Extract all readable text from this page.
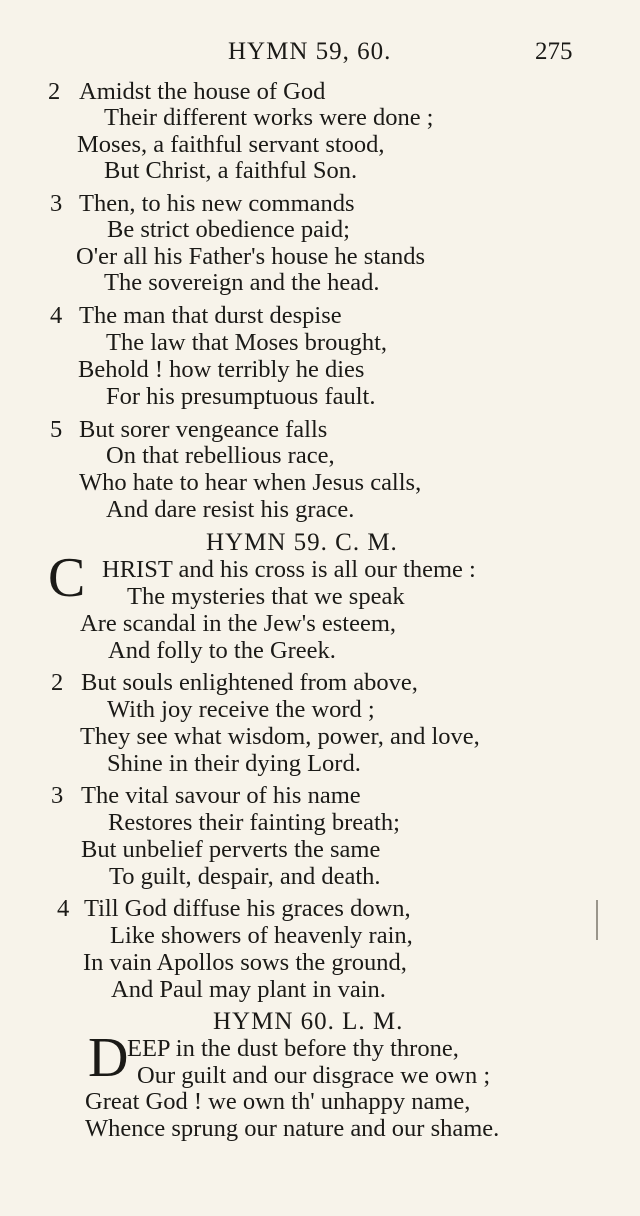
HYMN 59, 60.	275
2 Amidst the house of God
Their different works were done ;
Moses, a faithful servant stood,
But Christ, a faithful Son.
3 Then, to his new commands
Be strict obedience paid;
O'er all his Father's house he stands
The sovereign and the head.
4 The man that durst despise
The law that Moses brought,
Behold ! how terribly he dies
For his presumptuous fault.
5 But sorer vengeance falls
On that rebellious race,
Who hate to hear when Jesus calls,
And dare resist his grace.
HYMN 59. C. M.
C HRIST and his cross is all our theme :
The mysteries that we speak
Are scandal in the Jew's esteem,
And folly to the Greek.
2 But souls enlightened from above,
With joy receive the word ;
They see what wisdom, power, and love,
Shine in their dying Lord.
3 The vital savour of his name
Restores their fainting breath;
But unbelief perverts the same
To guilt, despair, and death.
4 Till God diffuse his graces down,
Like showers of heavenly rain,
In vain Apollos sows the ground,
And Paul may plant in vain.
HYMN 60. L. M.
D
EEP in the dust before thy throne,
Our guilt and our disgrace we own ;
Great God ! we own th' unhappy name,
Whence sprung our nature and our shame.
